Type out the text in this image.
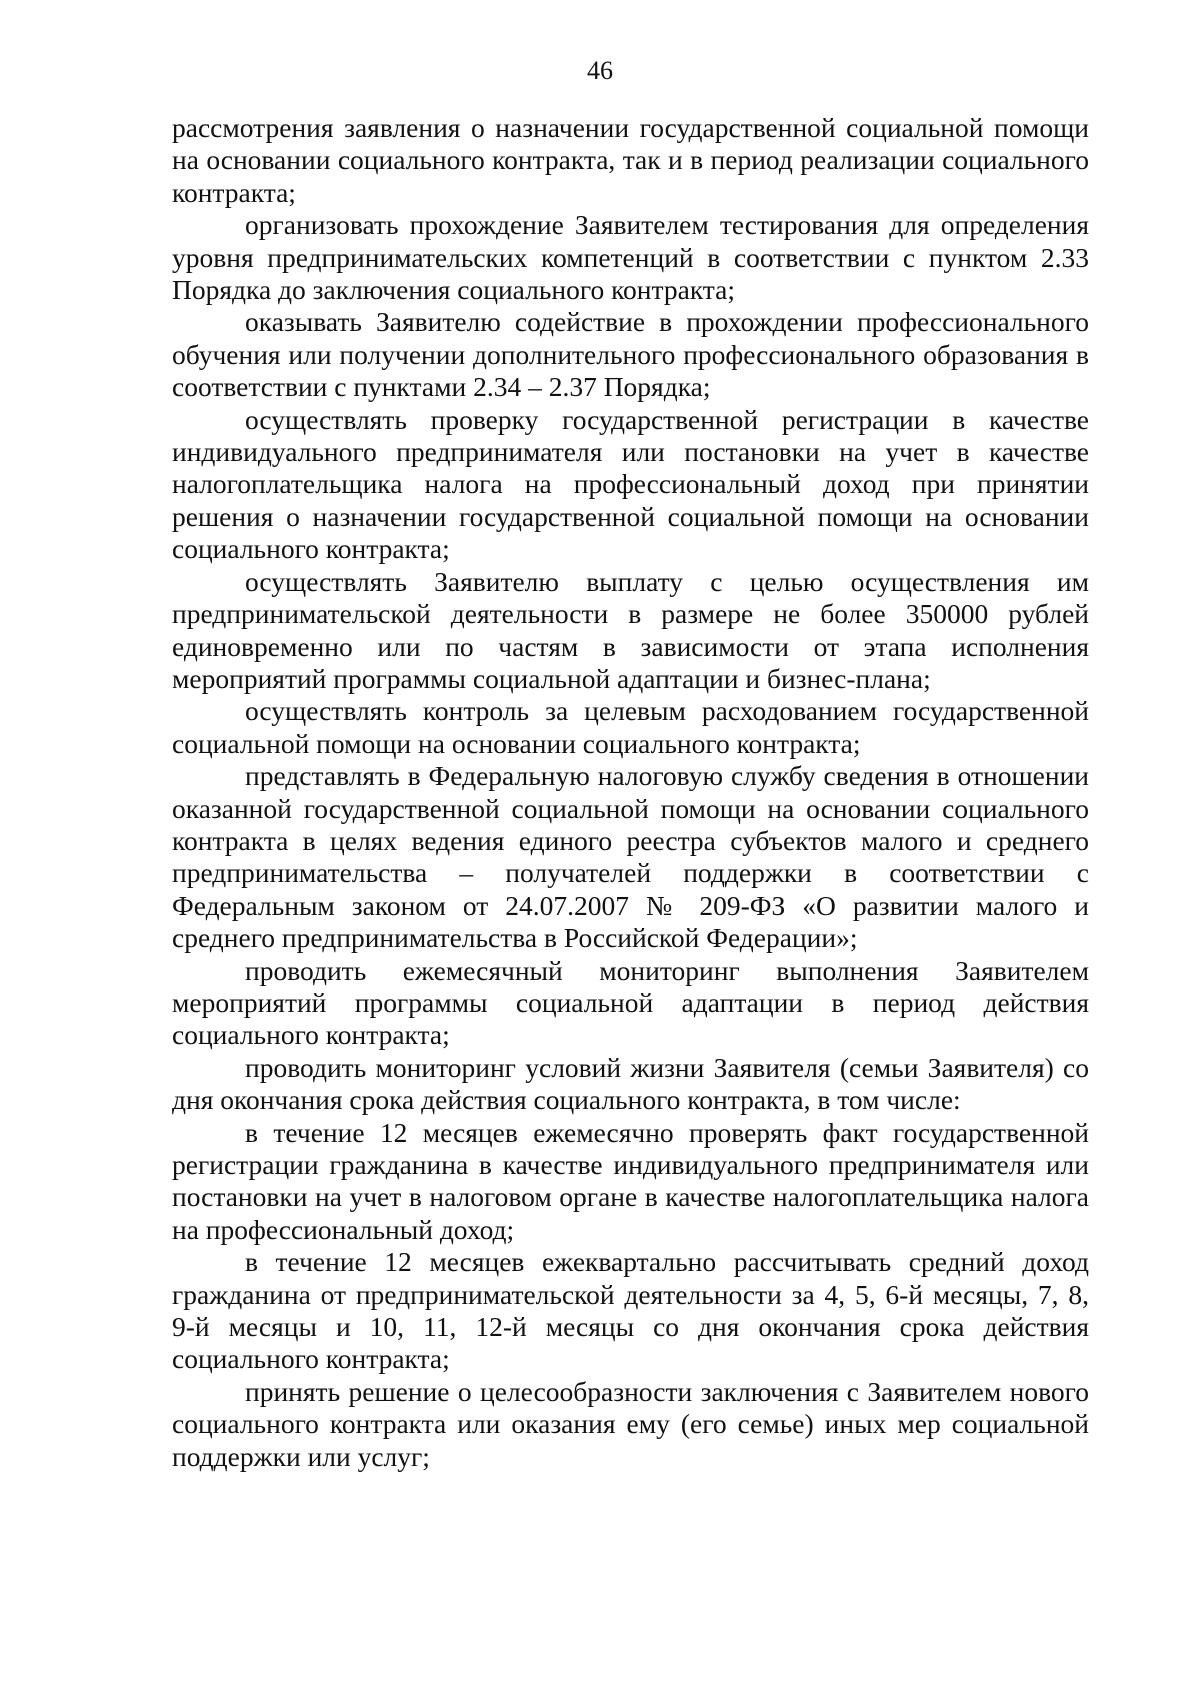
46

рассмотрения заявления о назначении государственной социальной помощи на основании социального контракта, так и в период реализации социального контракта;

организовать прохождение Заявителем тестирования для определения уровня предпринимательских компетенций в соответствии с пунктом 2.33 Порядка до заключения социального контракта;

оказывать Заявителю содействие в прохождении профессионального обучения или получении дополнительного профессионального образования в соответствии с пунктами 2.34 – 2.37 Порядка;

осуществлять проверку государственной регистрации в качестве индивидуального предпринимателя или постановки на учет в качестве налогоплательщика налога на профессиональный доход при принятии решения о назначении государственной социальной помощи на основании социального контракта;

осуществлять Заявителю выплату с целью осуществления им предпринимательской деятельности в размере не более 350000 рублей единовременно или по частям в зависимости от этапа исполнения мероприятий программы социальной адаптации и бизнес-плана;

осуществлять контроль за целевым расходованием государственной социальной помощи на основании социального контракта;

представлять в Федеральную налоговую службу сведения в отношении оказанной государственной социальной помощи на основании социального контракта в целях ведения единого реестра субъектов малого и среднего предпринимательства – получателей поддержки в соответствии с Федеральным законом от 24.07.2007 № 209-ФЗ «О развитии малого и среднего предпринимательства в Российской Федерации»;

проводить ежемесячный мониторинг выполнения Заявителем мероприятий программы социальной адаптации в период действия социального контракта;

проводить мониторинг условий жизни Заявителя (семьи Заявителя) со дня окончания срока действия социального контракта, в том числе:

в течение 12 месяцев ежемесячно проверять факт государственной регистрации гражданина в качестве индивидуального предпринимателя или постановки на учет в налоговом органе в качестве налогоплательщика налога на профессиональный доход;

в течение 12 месяцев ежеквартально рассчитывать средний доход гражданина от предпринимательской деятельности за 4, 5, 6-й месяцы, 7, 8, 9-й месяцы и 10, 11, 12-й месяцы со дня окончания срока действия социального контракта;

принять решение о целесообразности заключения с Заявителем нового социального контракта или оказания ему (его семье) иных мер социальной поддержки или услуг;
